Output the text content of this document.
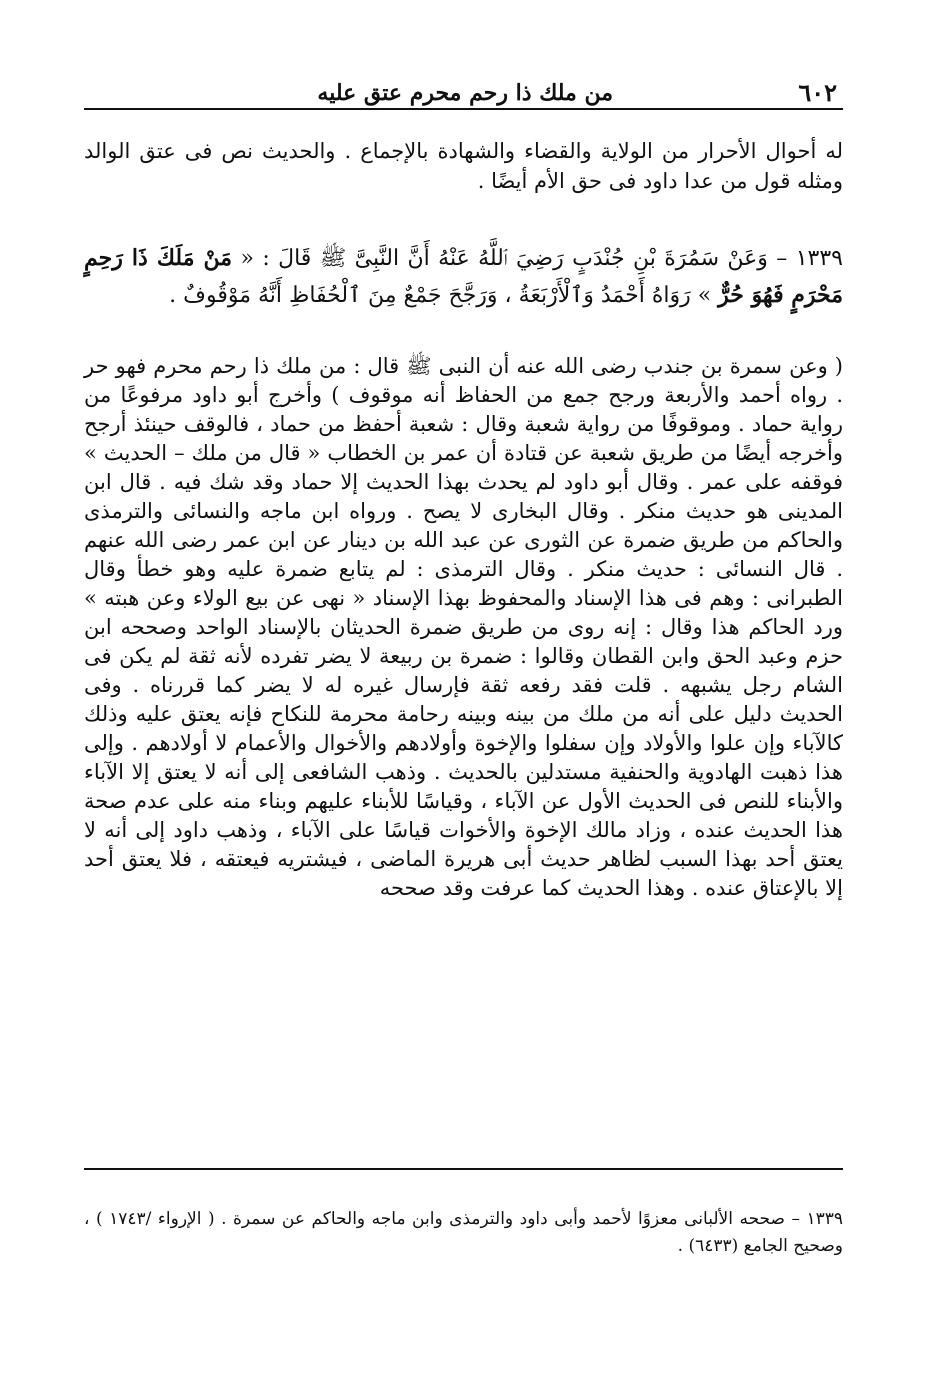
٦٠٢
من ملك ذا رحم محرم عتق عليه

له أحوال الأحرار من الولاية والقضاء والشهادة بالإجماع . والحديث نص فى عتق الوالد ومثله قول من عدا داود فى حق الأم أيضًا .

١٣٣٩ – وَعَنْ سَمُرَةَ بْنِ جُنْدَبٍ رَضِيَ ٱللَّهُ عَنْهُ أَنَّ النَّبِىَّ ﷺ قَالَ : « مَنْ مَلَكَ ذَا رَحِمٍ مَحْرَمٍ فَهُوَ حُرٌّ » رَوَاهُ أَحْمَدُ وَٱلْأَرْبَعَةُ ، وَرَجَّحَ جَمْعٌ مِنَ ٱلْحُفَاظِ أَنَّهُ مَوْقُوفٌ .

( وعن سمرة بن جندب رضى الله عنه أن النبى ﷺ قال : من ملك ذا رحم محرم فهو حر . رواه أحمد والأربعة ورجح جمع من الحفاظ أنه موقوف ) وأخرج أبو داود مرفوعًا من رواية حماد . وموقوفًا من رواية شعبة وقال : شعبة أحفظ من حماد ، فالوقف حينئذ أرجح وأخرجه أيضًا من طريق شعبة عن قتادة أن عمر بن الخطاب « قال من ملك – الحديث » فوقفه على عمر . وقال أبو داود لم يحدث بهذا الحديث إلا حماد وقد شك فيه . قال ابن المدينى هو حديث منكر . وقال البخارى لا يصح . ورواه ابن ماجه والنسائى والترمذى والحاكم من طريق ضمرة عن الثورى عن عبد الله بن دينار عن ابن عمر رضى الله عنهم . قال النسائى : حديث منكر . وقال الترمذى : لم يتابع ضمرة عليه وهو خطأ وقال الطبرانى : وهم فى هذا الإسناد والمحفوظ بهذا الإسناد « نهى عن بيع الولاء وعن هبته » ورد الحاكم هذا وقال : إنه روى من طريق ضمرة الحديثان بالإسناد الواحد وصححه ابن حزم وعبد الحق وابن القطان وقالوا : ضمرة بن ربيعة لا يضر تفرده لأنه ثقة لم يكن فى الشام رجل يشبهه . قلت فقد رفعه ثقة فإرسال غيره له لا يضر كما قررناه . وفى الحديث دليل على أنه من ملك من بينه وبينه رحامة محرمة للنكاح فإنه يعتق عليه وذلك كالآباء وإن علوا والأولاد وإن سفلوا والإخوة وأولادهم والأخوال والأعمام لا أولادهم . وإلى هذا ذهبت الهادوية والحنفية مستدلين بالحديث . وذهب الشافعى إلى أنه لا يعتق إلا الآباء والأبناء للنص فى الحديث الأول عن الآباء ، وقياسًا للأبناء عليهم وبناء منه على عدم صحة هذا الحديث عنده ، وزاد مالك الإخوة والأخوات قياسًا على الآباء ، وذهب داود إلى أنه لا يعتق أحد بهذا السبب لظاهر حديث أبى هريرة الماضى ، فيشتريه فيعتقه ، فلا يعتق أحد إلا بالإعتاق عنده . وهذا الحديث كما عرفت وقد صححه

١٣٣٩ – صححه الألبانى معزوًا لأحمد وأبى داود والترمذى وابن ماجه والحاكم عن سمرة . ( الإرواء /١٧٤٣ ) ، وصحيح الجامع (٦٤٣٣) .
